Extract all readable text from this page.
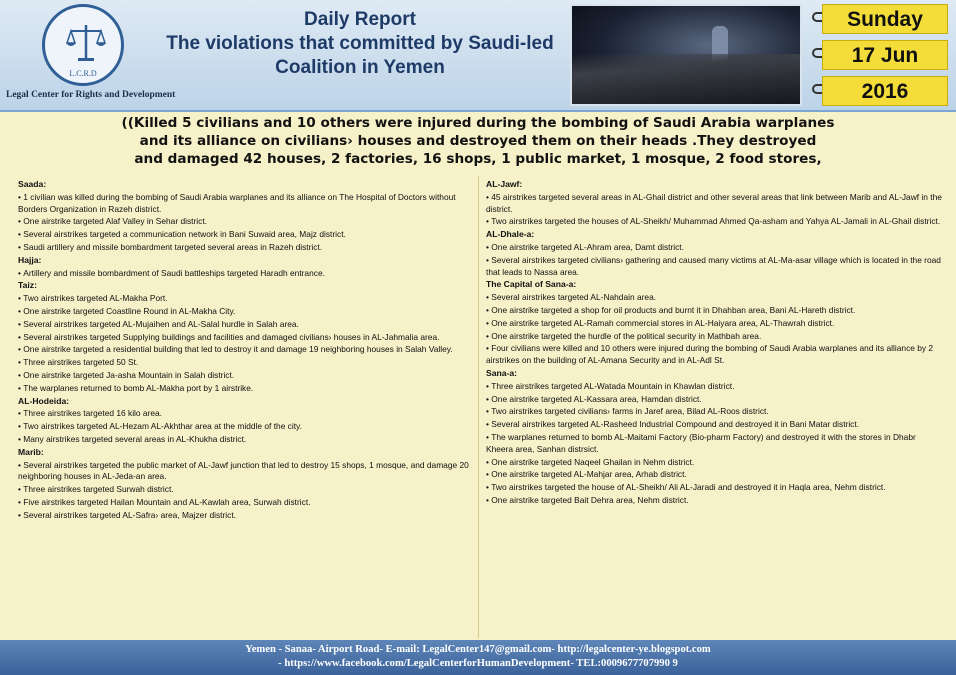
L.C.R.D
Legal Center for Rights and Development
Daily Report
The violations that committed by Saudi-led
Coalition in Yemen
Sunday
17 Jun
2016
((Killed 5 civilians and 10 others were injured during the bombing of Saudi Arabia warplanes
and its alliance on civilians› houses and destroyed them on their heads .They destroyed
and damaged 42 houses, 2 factories, 16 shops, 1 public market, 1 mosque, 2 food stores,
Saada:
• 1 civilian was killed during the bombing of Saudi Arabia warplanes and its alliance on The Hospital of Doctors without Borders Organization in Razeh district.
• One airstrike targeted Alaf Valley in Sehar district.
• Several airstrikes targeted a communication network in Bani Suwaid area, Majz district.
• Saudi artillery and missile bombardment targeted several areas in Razeh district.
Hajja:
• Artillery and missile bombardment of Saudi battleships targeted Haradh entrance.
Taiz:
• Two airstrikes targeted AL-Makha Port.
• One airstrike targeted Coastline Round in AL-Makha City.
• Several airstrikes targeted AL-Mujaihen and AL-Salal hurdle in Salah area.
• Several airstrikes targeted Supplying buildings and facilities and damaged civilians› houses in AL-Jahmalia area.
• One airstrike targeted a residential building that led to destroy it and damage 19 neighboring houses in Salah Valley.
• Three airstrikes targeted 50 St.
• One airstrike targeted Ja-asha Mountain in Salah district.
• The warplanes returned to bomb AL-Makha port by 1 airstrike.
AL-Hodeida:
• Three airstrikes targeted 16 kilo area.
• Two airstrikes targeted AL-Hezam AL-Akhthar area at the middle of the city.
• Many airstrikes targeted several areas in AL-Khukha district.
Marib:
• Several airstrikes targeted the public market of AL-Jawf junction that led to destroy 15 shops, 1 mosque, and damage 20 neighboring houses in AL-Jeda-an area.
• Three airstrikes targeted Surwah district.
• Five airstrikes targeted Hailan Mountain and AL-Kawlah area, Surwah district.
• Several airstrikes targeted AL-Safra› area, Majzer district.
AL-Jawf:
• 45 airstrikes targeted several areas in AL-Ghail district and other several areas that link between Marib and AL-Jawf in the district.
• Two airstrikes targeted the houses of AL-Sheikh/ Muhammad Ahmed Qa-asham and Yahya AL-Jamali in AL-Ghail district.
AL-Dhale-a:
• One airstrike targeted AL-Ahram area, Damt district.
• Several airstrikes targeted civilians› gathering and caused many victims at AL-Ma-asar village which is located in the road that leads to Nassa area.
The Capital of Sana-a:
• Several airstrikes targeted AL-Nahdain area.
• One airstrike targeted a shop for oil products and burnt it in Dhahban area, Bani AL-Hareth district.
• One airstrike targeted AL-Ramah commercial stores in AL-Haiyara area, AL-Thawrah district.
• One airstrike targeted the hurdle of the political security in Mathbah area.
• Four civilians were killed and 10 others were injured during the bombing of Saudi Arabia warplanes and its alliance by 2 airstrikes on the building of AL-Amana Security and in AL-Adl St.
Sana-a:
• Three airstrikes targeted AL-Watada Mountain in Khawlan district.
• One airstrike targeted AL-Kassara area, Hamdan district.
• Two airstrikes targeted civilians› farms in Jaref area, Bilad AL-Roos district.
• Several airstrikes targeted AL-Rasheed Industrial Compound and destroyed it in Bani Matar district.
• The warplanes returned to bomb AL-Maitami Factory (Bio-pharm Factory) and destroyed it with the stores in Dhabr Kheera area, Sanhan distrsict.
• One airstrike targeted Naqeel Ghailan in Nehm district.
• One airstrike targeted AL-Mahjar area, Arhab district.
• Two airstrikes targeted the house of AL-Sheikh/ Ali AL-Jaradi and destroyed it in Haqla area, Nehm district.
• One airstrike targeted Bait Dehra area, Nehm district.
Yemen - Sanaa- Airport Road- E-mail: LegalCenter147@gmail.com- http://legalcenter-ye.blogspot.com
- https://www.facebook.com/LegalCenterforHumanDevelopment- TEL:0009677707990 9
